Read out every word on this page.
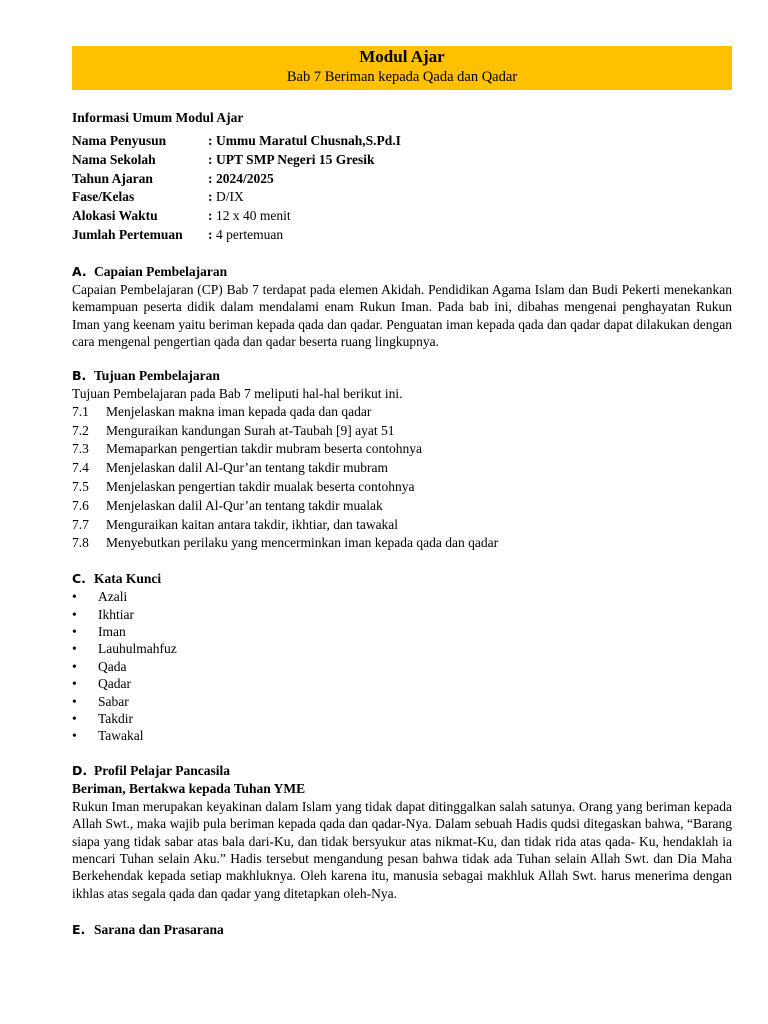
Modul Ajar
Bab 7 Beriman kepada Qada dan Qadar
Informasi Umum Modul Ajar
Nama Penyusun	: Ummu Maratul Chusnah,S.Pd.I
Nama Sekolah	: UPT SMP Negeri 15 Gresik
Tahun Ajaran	: 2024/2025
Fase/Kelas	: D/IX
Alokasi Waktu	: 12 x 40 menit
Jumlah Pertemuan	: 4 pertemuan
A. Capaian Pembelajaran
Capaian Pembelajaran (CP) Bab 7 terdapat pada elemen Akidah. Pendidikan Agama Islam dan Budi Pekerti menekankan kemampuan peserta didik dalam mendalami enam Rukun Iman. Pada bab ini, dibahas mengenai penghayatan Rukun Iman yang keenam yaitu beriman kepada qada dan qadar. Penguatan iman kepada qada dan qadar dapat dilakukan dengan cara mengenal pengertian qada dan qadar beserta ruang lingkupnya.
B. Tujuan Pembelajaran
Tujuan Pembelajaran pada Bab 7 meliputi hal-hal berikut ini.
7.1	Menjelaskan makna iman kepada qada dan qadar
7.2	Menguraikan kandungan Surah at-Taubah [9] ayat 51
7.3	Memaparkan pengertian takdir mubram beserta contohnya
7.4	Menjelaskan dalil Al-Qur’an tentang takdir mubram
7.5	Menjelaskan pengertian takdir mualak beserta contohnya
7.6	Menjelaskan dalil Al-Qur’an tentang takdir mualak
7.7	Menguraikan kaitan antara takdir, ikhtiar, dan tawakal
7.8	Menyebutkan perilaku yang mencerminkan iman kepada qada dan qadar
C. Kata Kunci
•	Azali
•	Ikhtiar
•	Iman
•	Lauhulmahfuz
•	Qada
•	Qadar
•	Sabar
•	Takdir
•	Tawakal
D. Profil Pelajar Pancasila
Beriman, Bertakwa kepada Tuhan YME
Rukun Iman merupakan keyakinan dalam Islam yang tidak dapat ditinggalkan salah satunya. Orang yang beriman kepada Allah Swt., maka wajib pula beriman kepada qada dan qadar-Nya. Dalam sebuah Hadis qudsi ditegaskan bahwa, “Barang siapa yang tidak sabar atas bala dari-Ku, dan tidak bersyukur atas nikmat-Ku, dan tidak rida atas qada- Ku, hendaklah ia mencari Tuhan selain Aku.” Hadis tersebut mengandung pesan bahwa tidak ada Tuhan selain Allah Swt. dan Dia Maha Berkehendak kepada setiap makhluknya. Oleh karena itu, manusia sebagai makhluk Allah Swt. harus menerima dengan ikhlas atas segala qada dan qadar yang ditetapkan oleh-Nya.
E. Sarana dan Prasarana
